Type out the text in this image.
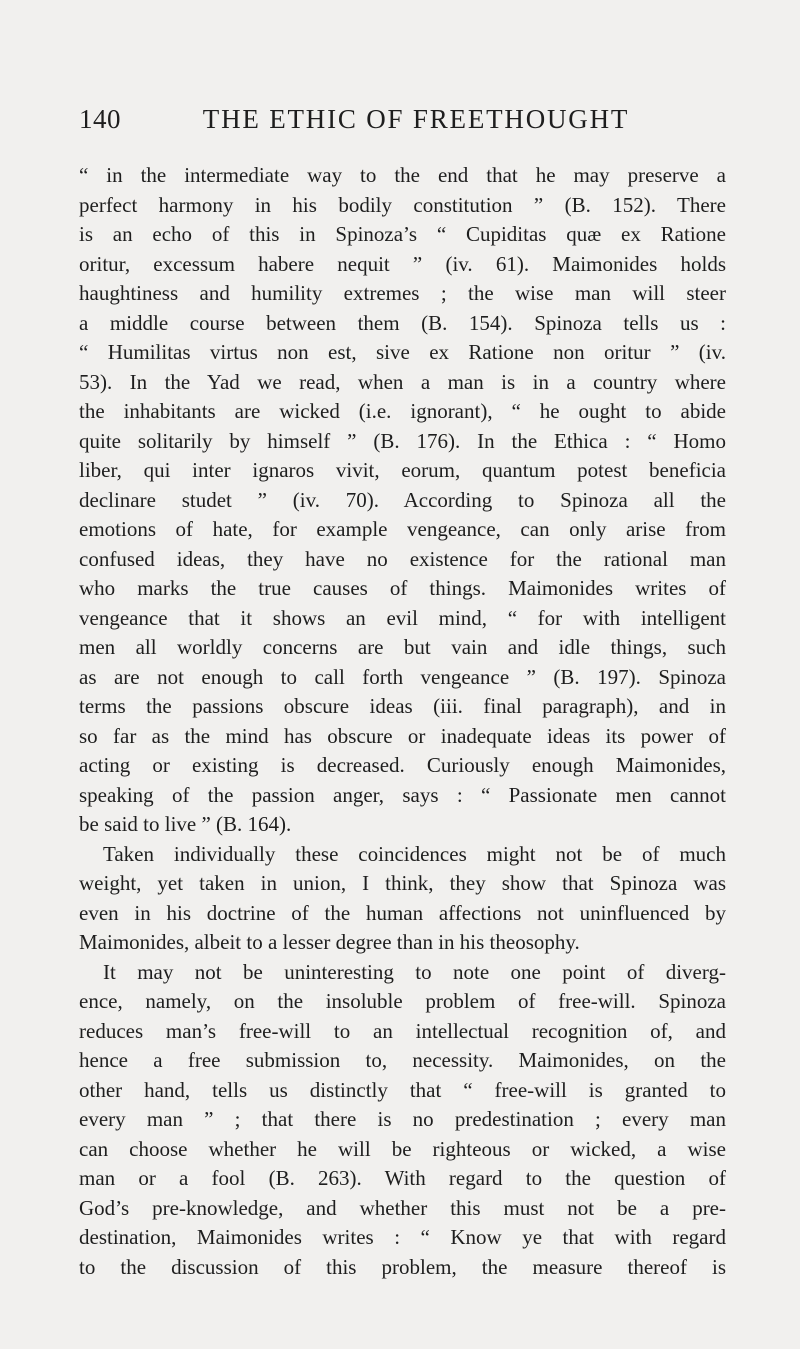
140	THE ETHIC OF FREETHOUGHT
“ in the intermediate way to the end that he may preserve a
perfect harmony in his bodily constitution ” (B. 152). There
is an echo of this in Spinoza’s “ Cupiditas quæ ex Ratione
oritur, excessum habere nequit ” (iv. 61). Maimonides holds
haughtiness and humility extremes ; the wise man will steer
a middle course between them (B. 154). Spinoza tells us :
“ Humilitas virtus non est, sive ex Ratione non oritur ” (iv.
53). In the Yad we read, when a man is in a country where
the inhabitants are wicked (i.e. ignorant), “ he ought to abide
quite solitarily by himself ” (B. 176). In the Ethica : “ Homo
liber, qui inter ignaros vivit, eorum, quantum potest beneficia
declinare studet ” (iv. 70). According to Spinoza all the
emotions of hate, for example vengeance, can only arise from
confused ideas, they have no existence for the rational man
who marks the true causes of things. Maimonides writes of
vengeance that it shows an evil mind, “ for with intelligent
men all worldly concerns are but vain and idle things, such
as are not enough to call forth vengeance ” (B. 197). Spinoza
terms the passions obscure ideas (iii. final paragraph), and in
so far as the mind has obscure or inadequate ideas its power of
acting or existing is decreased. Curiously enough Maimonides,
speaking of the passion anger, says : “ Passionate men cannot
be said to live ” (B. 164).
Taken individually these coincidences might not be of much
weight, yet taken in union, I think, they show that Spinoza was
even in his doctrine of the human affections not uninfluenced by
Maimonides, albeit to a lesser degree than in his theosophy.
It may not be uninteresting to note one point of diverg-
ence, namely, on the insoluble problem of free-will. Spinoza
reduces man’s free-will to an intellectual recognition of, and
hence a free submission to, necessity. Maimonides, on the
other hand, tells us distinctly that “ free-will is granted to
every man ” ; that there is no predestination ; every man
can choose whether he will be righteous or wicked, a wise
man or a fool (B. 263). With regard to the question of
God’s pre-knowledge, and whether this must not be a pre-
destination, Maimonides writes : “ Know ye that with regard
to the discussion of this problem, the measure thereof is
